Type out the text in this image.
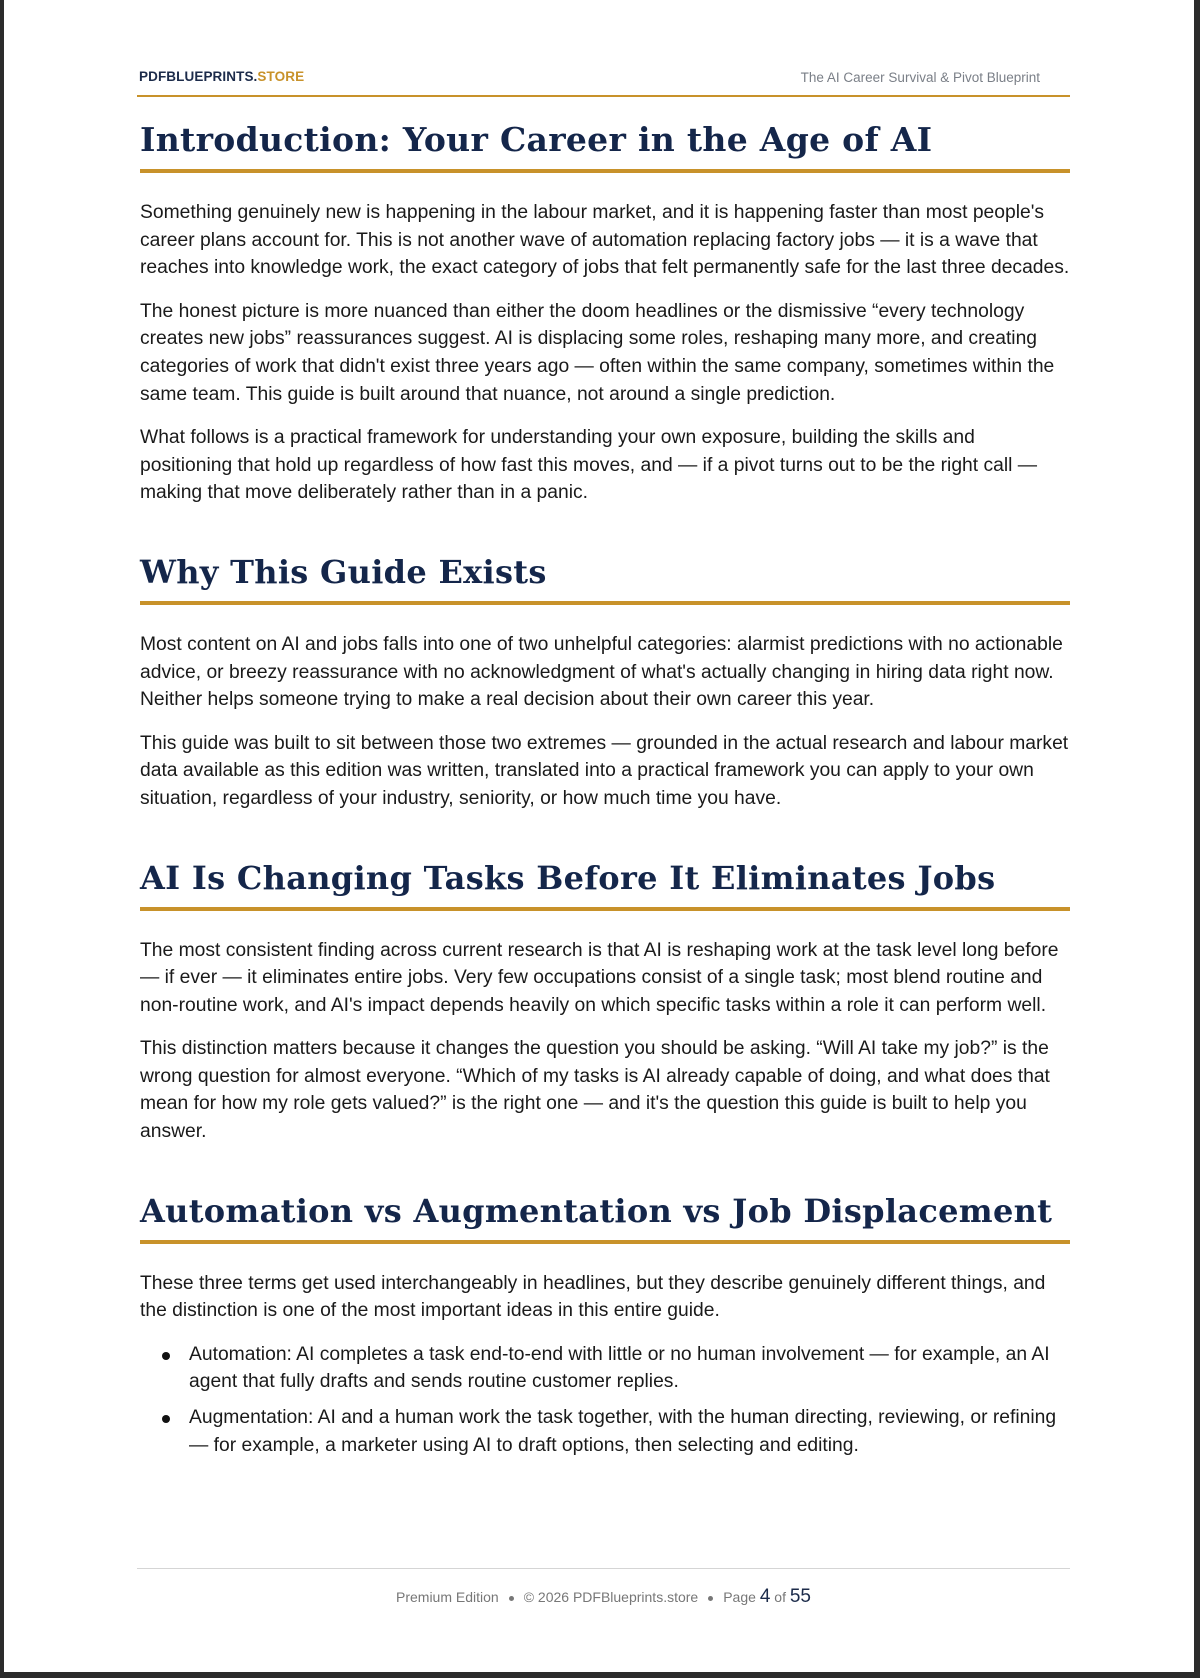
PDFBLUEPRINTS.STORE	The AI Career Survival & Pivot Blueprint
Introduction: Your Career in the Age of AI

Something genuinely new is happening in the labour market, and it is happening faster than most people's career plans account for. This is not another wave of automation replacing factory jobs — it is a wave that reaches into knowledge work, the exact category of jobs that felt permanently safe for the last three decades.

The honest picture is more nuanced than either the doom headlines or the dismissive “every technology creates new jobs” reassurances suggest. AI is displacing some roles, reshaping many more, and creating categories of work that didn't exist three years ago — often within the same company, sometimes within the same team. This guide is built around that nuance, not around a single prediction.

What follows is a practical framework for understanding your own exposure, building the skills and positioning that hold up regardless of how fast this moves, and — if a pivot turns out to be the right call — making that move deliberately rather than in a panic.

Why This Guide Exists

Most content on AI and jobs falls into one of two unhelpful categories: alarmist predictions with no actionable advice, or breezy reassurance with no acknowledgment of what's actually changing in hiring data right now. Neither helps someone trying to make a real decision about their own career this year.

This guide was built to sit between those two extremes — grounded in the actual research and labour market data available as this edition was written, translated into a practical framework you can apply to your own situation, regardless of your industry, seniority, or how much time you have.

AI Is Changing Tasks Before It Eliminates Jobs

The most consistent finding across current research is that AI is reshaping work at the task level long before — if ever — it eliminates entire jobs. Very few occupations consist of a single task; most blend routine and non-routine work, and AI's impact depends heavily on which specific tasks within a role it can perform well.

This distinction matters because it changes the question you should be asking. “Will AI take my job?” is the wrong question for almost everyone. “Which of my tasks is AI already capable of doing, and what does that mean for how my role gets valued?” is the right one — and it's the question this guide is built to help you answer.

Automation vs Augmentation vs Job Displacement

These three terms get used interchangeably in headlines, but they describe genuinely different things, and the distinction is one of the most important ideas in this entire guide.

Automation: AI completes a task end-to-end with little or no human involvement — for example, an AI agent that fully drafts and sends routine customer replies.
Augmentation: AI and a human work the task together, with the human directing, reviewing, or refining — for example, a marketer using AI to draft options, then selecting and editing.
Premium Edition © 2026 PDFBlueprints.store Page 4 of 55
